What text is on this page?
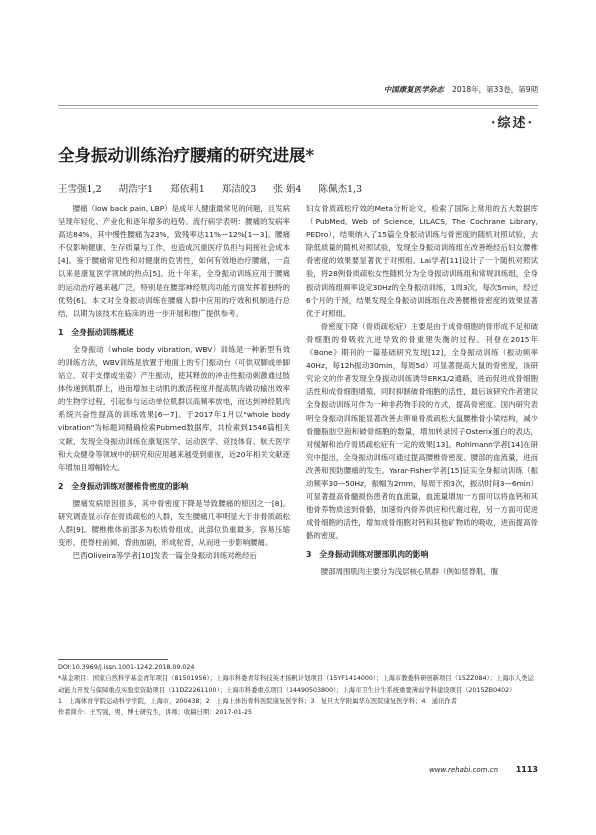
中国康复医学杂志 2018年，第33卷，第9期
·综述·
全身振动训练治疗腰痛的研究进展*
王雪强1,2 胡浩宇1 郑依莉1 郑洁皎3 张 娟4 陈佩杰1,3

腰痛（low back pain, LBP）是成年人健康最常见的问题，且发病呈现年轻化、产业化和逐年增多的趋势。流行病学表明：腰痛的发病率高达84%，其中慢性腰痛为23%，致残率达11%—12%[1—3]。腰痛不仅影响健康、生存质量与工作，也造成沉重医疗负担与间接社会成本[4]。鉴于腰痛常见性和对健康的危害性，如何有效地治疗腰痛，一直以来是康复医学领域的热点[5]。近十年来，全身振动训练应用于腰痛的运动治疗越来越广泛，特别是在腰部神经肌肉功能方面发挥着独特的优势[6]。本文对全身振动训练在腰痛人群中应用的疗效和机制进行总结，以期为该技术在临床的进一步开展和推广提供参考。

1　全身振动训练概述

全身振动（whole body vibration, WBV）训练是一种新型有效的训练方法，WBV训练是放置于地面上的专门振动台（可供双脚或单脚站立、双手支撑或坐姿）产生振动，使其释放的冲击性振动刺激通过肢体传递到肌群上，进而增加主动肌的激活程度并提高肌肉做功输出效率的生物学过程，引起参与运动单位肌群以高频率放电，而达到神经肌肉系统兴奋性提高的训练效果[6—7]。于2017年1月以"whole body vibration"为标题词精确检索Pubmed数据库，共检索到1546篇相关文献，发现全身振动训练在康复医学、运动医学、竞技体育、航天医学和大众健身等领域中的研究和应用越来越受到重视，近20年相关文献逐年增加且增幅较大。

2　全身振动训练对腰椎骨密度的影响

腰痛发病原因很多，其中骨密度下降是导致腰痛的原因之一[8]。研究调查显示存在骨质疏松的人群，发生腰痛几率明显大于非骨质疏松人群[9]。腰椎椎体前部多为松质骨组成，此部位负重最多，容易压缩变形，使脊柱前倾，背曲加剧，形成驼背，从而进一步影响腰痛。

巴西Oliveira等学者[10]发表一篇全身振动训练对绝经后

妇女骨质疏松疗效的Meta分析论文，检索了国际上常用的五大数据库（PubMed, Web of Science, LILACS, The Cochrane Library, PEDro），结果纳入了15篇全身振动训练与骨密度的随机对照试验，去除低质量的随机对照试验，发现全身振动训练组在改善绝经后妇女腰椎骨密度的效果要显著优于对照组。Lai学者[11]设计了一个随机对照试验，将28例骨质疏松女性随机分为全身振动训练组和常规训练组，全身振动训练组频率设定30Hz的全身振动训练，1周3次，每次5min，经过6个月的干预，结果发现全身振动训练组在改善腰椎骨密度的效果显著优于对照组。

骨密度下降（骨质疏松症）主要是由于成骨细胞的骨形成不足和破骨细胞的骨吸收亢进导致的骨重建失衡的过程。刊登在2015年《Bone》期刊的一篇基础研究发现[12]，全身振动训练（振动频率40Hz，每12h振动30min，每周5d）可显著提高大鼠的骨密度，该研究论文的作者发现全身振动训练诱导ERK1/2通路，进而促进成骨细胞活性和成骨细胞增殖，同时抑制破骨细胞的活性，最后该研究作者建议全身振动训练可作为一种非药物手段的方式，提高骨密度。国内研究表明全身振动训练能显著改善去卵巢骨质疏松大鼠腰椎骨小梁结构，减少骨髓脂肪空泡和破骨细胞的数量，增加转录因子Osterix蛋白的表达，对缓解和治疗骨质疏松症有一定的效果[13]。Rohlmann学者[14]在研究中提出，全身振动训练可通过提高腰椎骨密度、腰部的血流量，进而改善和预防腰痛的发生。Yarar-Fisher学者[15]证实全身振动训练（振动频率30—50Hz，振幅为2mm，每周干预3次，振动时间3—6min）可显著提高骨髓损伤患者的血流量，血流量增加一方面可以将血钙和其他骨养物质送到骨骼，加速骨内骨养供应和代谢过程，另一方面可促进成骨细胞的活性，增加成骨细胞对钙和其他矿物质的吸收，进而提高骨骼的密度。

3　全身振动训练对腰部肌肉的影响

腰部周围肌肉主要分为浅层核心肌群（例如竖脊肌、腹

DOI:10.3969/j.issn.1001-1242.2018.09.024
*基金项目：国家自然科学基金青年项目（81501956）；上海市科委青年科技英才扬帆计划项目（15YF1414000）；上海市教委科研创新项目（15ZZ084）；上海市人类运动能力开发与保障重点实验室资助项目（11DZ2261100）；上海市科委重点项目（14490503800）；上海市卫生计生系统重要薄弱学科建设项目（2015ZB0402）
1　上海体育学院运动科学学院，上海市，200438；2　上海上体伤骨科医院康复医学科；3　复旦大学附属华东医院康复医学科；4　通讯作者
作者简介：王雪强，男，博士研究生，讲师；收稿日期：2017-01-25
www.rehabi.com.cn 1113
